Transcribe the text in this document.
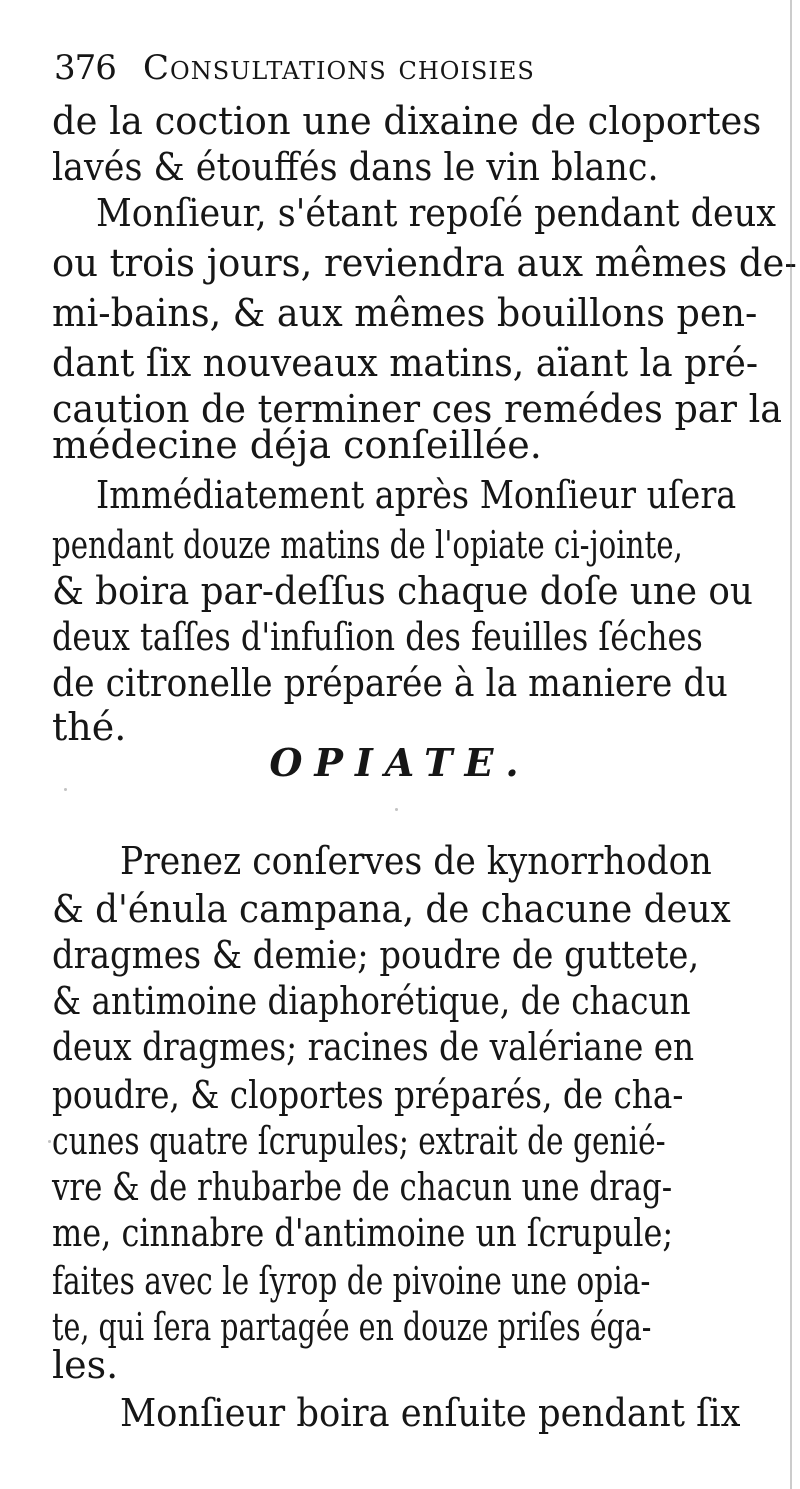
376 Consultations choisies
de la coction une dixaine de cloportes
lavés & étouffés dans le vin blanc.
Monſieur, s'étant repoſé pendant deux
ou trois jours, reviendra aux mêmes de-
mi-bains, & aux mêmes bouillons pen-
dant ſix nouveaux matins, aïant la pré-
caution de terminer ces remédes par la
médecine déja conſeillée.
Immédiatement après Monſieur uſera
pendant douze matins de l'opiate ci-jointe,
& boira par-deſſus chaque doſe une ou
deux taſſes d'infuſion des feuilles ſéches
de citronelle préparée à la maniere du
thé.
OPIATE.
Prenez conſerves de kynorrhodon
& d'énula campana, de chacune deux
dragmes & demie; poudre de guttete,
& antimoine diaphorétique, de chacun
deux dragmes; racines de valériane en
poudre, & cloportes préparés, de cha-
cunes quatre ſcrupules; extrait de genié-
vre & de rhubarbe de chacun une drag-
me, cinnabre d'antimoine un ſcrupule;
faites avec le ſyrop de pivoine une opia-
te, qui ſera partagée en douze priſes éga-
les.
Monſieur boira enſuite pendant ſix
